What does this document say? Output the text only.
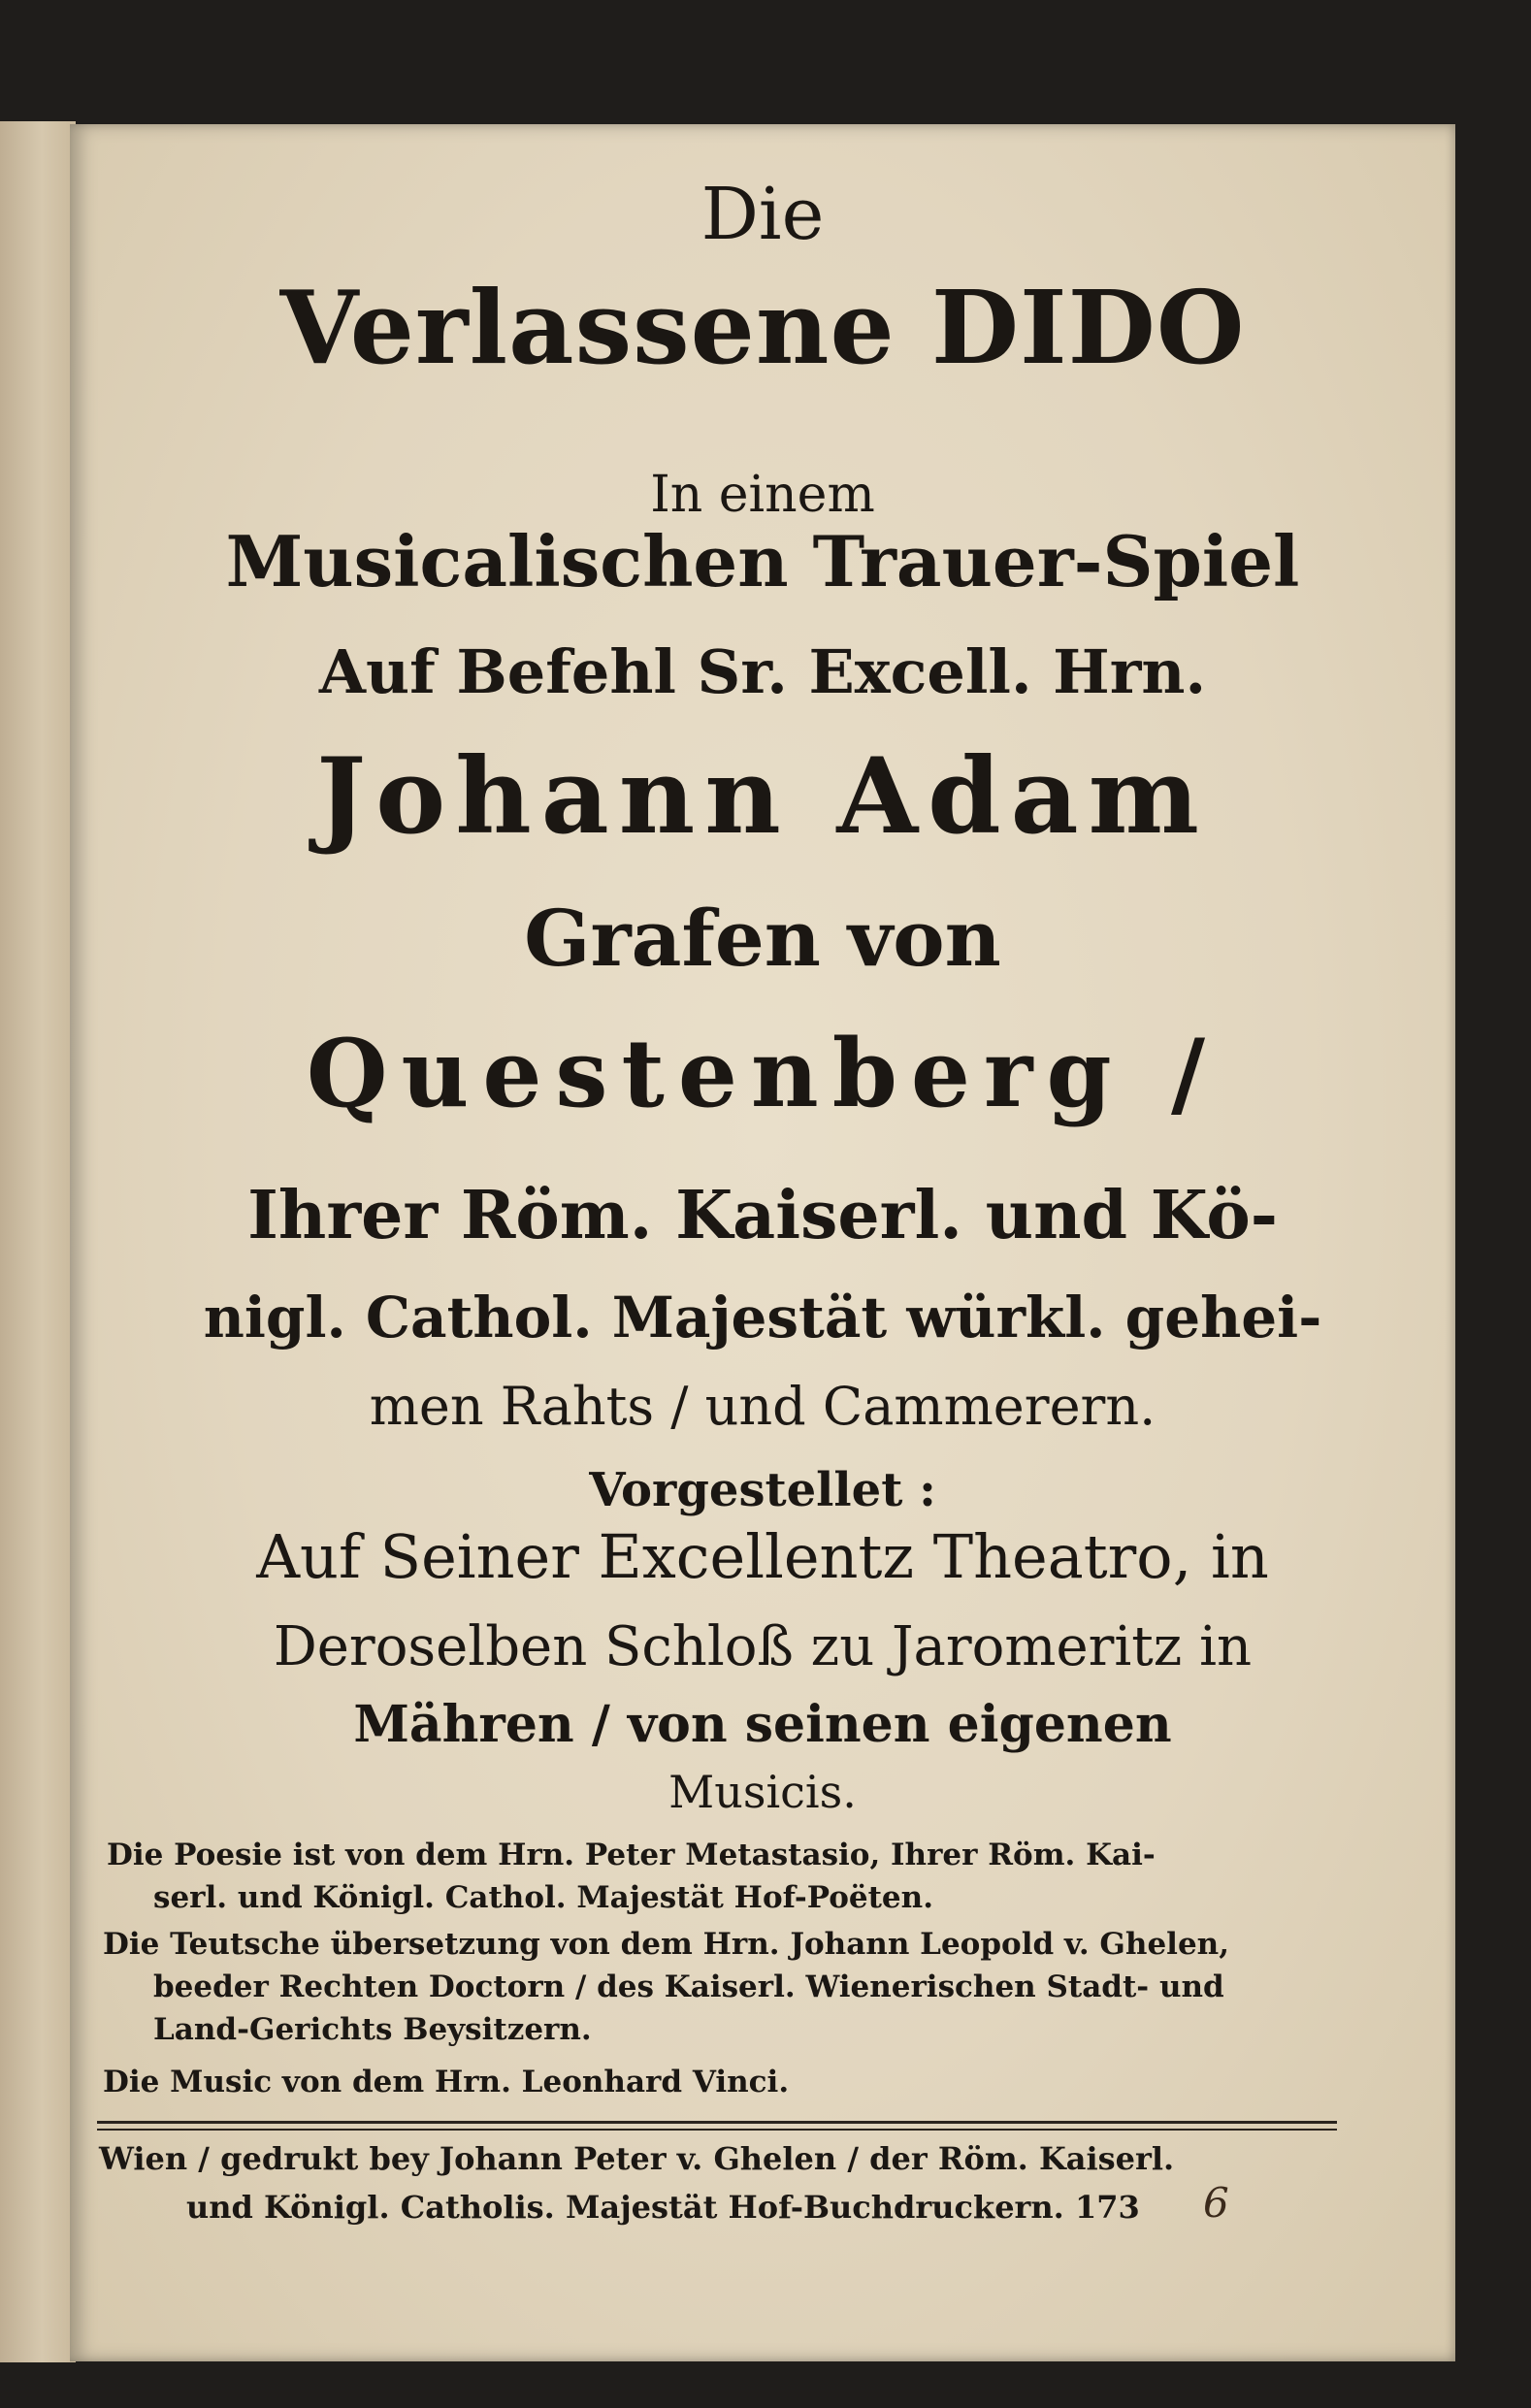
Die
Verlassene DIDO
In einem
Musicalischen Trauer-Spiel
Auf Befehl Sr. Excell. Hrn.
Johann Adam
Grafen von
Questenberg /
Ihrer Röm. Kaiserl. und Kö-
nigl. Cathol. Majestät würkl. gehei-
men Rahts / und Cammerern.
Vorgestellet :
Auf Seiner Excellentz Theatro, in
Deroselben Schloß zu Jaromeritz in
Mähren / von seinen eigenen
Musicis.
Die Poesie ist von dem Hrn. Peter Metastasio, Ihrer Röm. Kai-
serl. und Königl. Cathol. Majestät Hof-Poëten.
Die Teutsche übersetzung von dem Hrn. Johann Leopold v. Ghelen,
beeder Rechten Doctorn / des Kaiserl. Wienerischen Stadt- und
Land-Gerichts Beysitzern.
Die Music von dem Hrn. Leonhard Vinci.
Wien / gedrukt bey Johann Peter v. Ghelen / der Röm. Kaiserl.
und Königl. Catholis. Majestät Hof-Buchdruckern. 173 6
